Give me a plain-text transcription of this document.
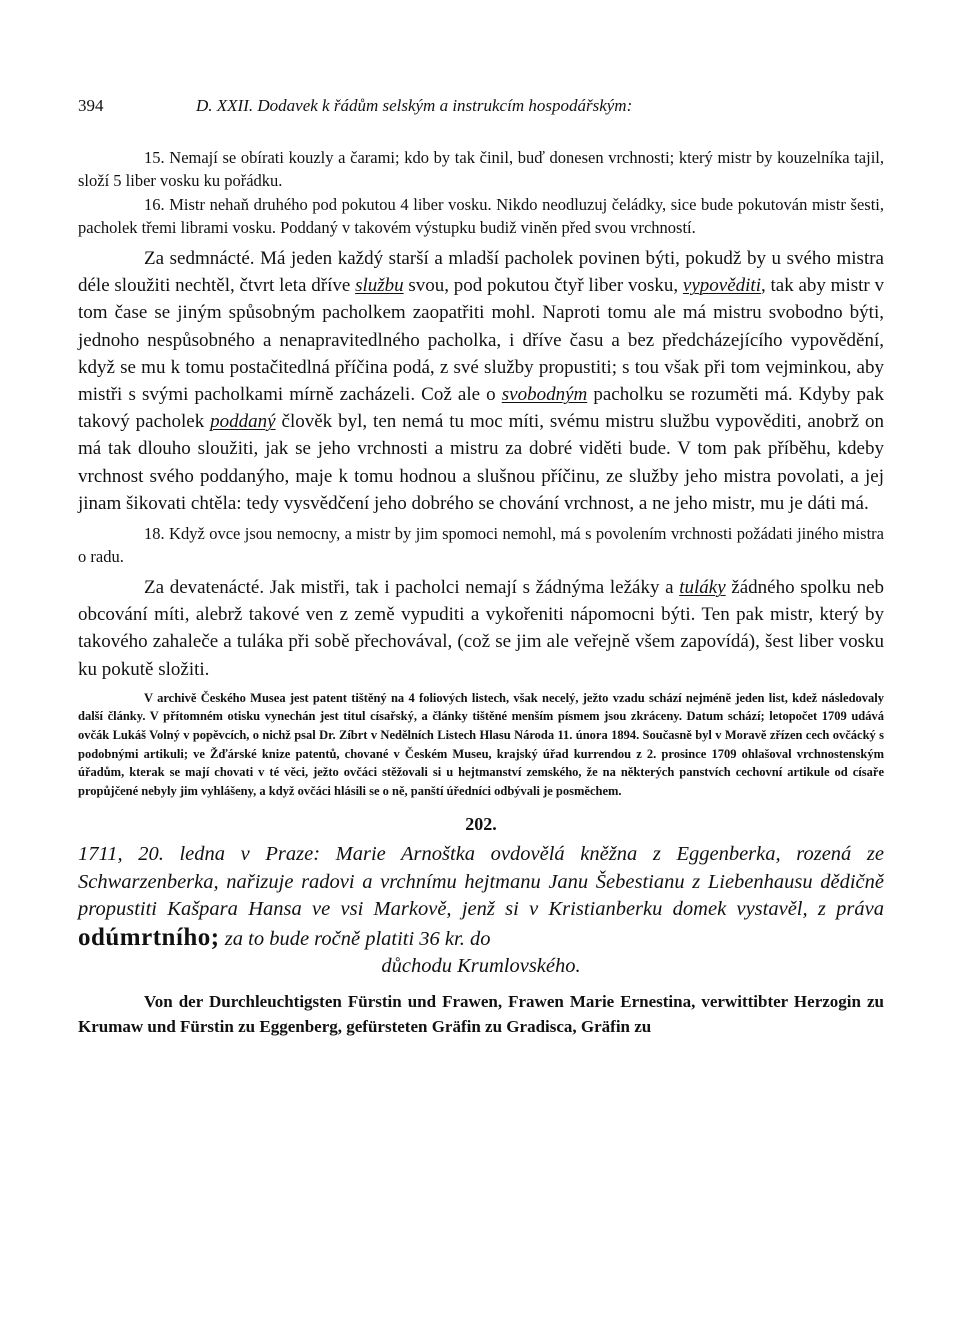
394	D. XXII. Dodavek k řádům selským a instrukcím hospodářským:

15. Nemají se obírati kouzly a čarami; kdo by tak činil, buď donesen vrchnosti; který mistr by kouzelníka tajil, složí 5 liber vosku ku pořádku.

16. Mistr nehaň druhého pod pokutou 4 liber vosku. Nikdo neodluzuj čeládky, sice bude pokutován mistr šesti, pacholek třemi librami vosku. Poddaný v takovém výstupku budiž viněn před svou vrchností.

Za sedmnácté. Má jeden každý starší a mladší pacholek povinen býti, pokudž by u svého mistra déle sloužiti nechtěl, čtvrt leta dříve službu svou, pod pokutou čtyř liber vosku, vypověditi, tak aby mistr v tom čase se jiným spůsobným pacholkem zaopatřiti mohl. Naproti tomu ale má mistru svobodno býti, jednoho nespůsobného a nenapravitedlného pacholka, i dříve času a bez předcházejícího vypovědění, když se mu k tomu postačitedlná příčina podá, z své služby propustiti; s tou však při tom vejminkou, aby mistři s svými pacholkami mírně zacházeli. Což ale o svobodným pacholku se rozuměti má. Kdyby pak takový pacholek poddaný člověk byl, ten nemá tu moc míti, svému mistru službu vypověditi, anobrž on má tak dlouho sloužiti, jak se jeho vrchnosti a mistru za dobré viděti bude. V tom pak příběhu, kdeby vrchnost svého poddanýho, maje k tomu hodnou a slušnou příčinu, ze služby jeho mistra povolati, a jej jinam šikovati chtěla: tedy vysvědčení jeho dobrého se chování vrchnost, a ne jeho mistr, mu je dáti má.

18. Když ovce jsou nemocny, a mistr by jim spomoci nemohl, má s povolením vrchnosti požádati jiného mistra o radu.

Za devatenácté. Jak mistři, tak i pacholci nemají s žádnýma ležáky a tuláky žádného spolku neb obcování míti, alebrž takové ven z země vypuditi a vykořeniti nápomocni býti. Ten pak mistr, který by takového zahaleče a tuláka při sobě přechovával, (což se jim ale veřejně všem zapovídá), šest liber vosku ku pokutě složiti.

V archivě Českého Musea jest patent tištěný na 4 foliových listech, však necelý, ježto vzadu schází nejméně jeden list, kdež následovaly další články. V přítomném otisku vynechán jest titul císařský, a články tištěné menším písmem jsou zkráceny. Datum schází; letopočet 1709 udává ovčák Lukáš Volný v popěvcích, o nichž psal Dr. Zíbrt v Nedělních Listech Hlasu Národa 11. února 1894. Současně byl v Moravě zřízen cech ovčácký s podobnými artikuli; ve Žďárské knize patentů, chované v Českém Museu, krajský úřad kurrendou z 2. prosince 1709 ohlašoval vrchnostenským úřadům, kterak se mají chovati v té věci, ježto ovčáci stěžovali si u hejtmanství zemského, že na některých panstvích cechovní artikule od císaře propůjčené nebyly jim vyhlášeny, a když ovčáci hlásili se o ně, panští úředníci odbývali je posměchem.

202.

1711, 20. ledna v Praze: Marie Arnoštka ovdovělá kněžna z Eggenberka, rozená ze Schwarzenberka, nařizuje radovi a vrchnímu hejtmanu Janu Šebestianu z Liebenhausu dědičně propustiti Kašpara Hansa ve vsi Markově, jenž si v Kristianberku domek vystavěl, z práva odúmrtního; za to bude ročně platiti 36 kr. do
důchodu Krumlovského.

Von der Durchleuchtigsten Fürstin und Frawen, Frawen Marie Ernestina, verwittibter Herzogin zu Krumaw und Fürstin zu Eggenberg, gefürsteten Gräfin zu Gradisca, Gräfin zu
